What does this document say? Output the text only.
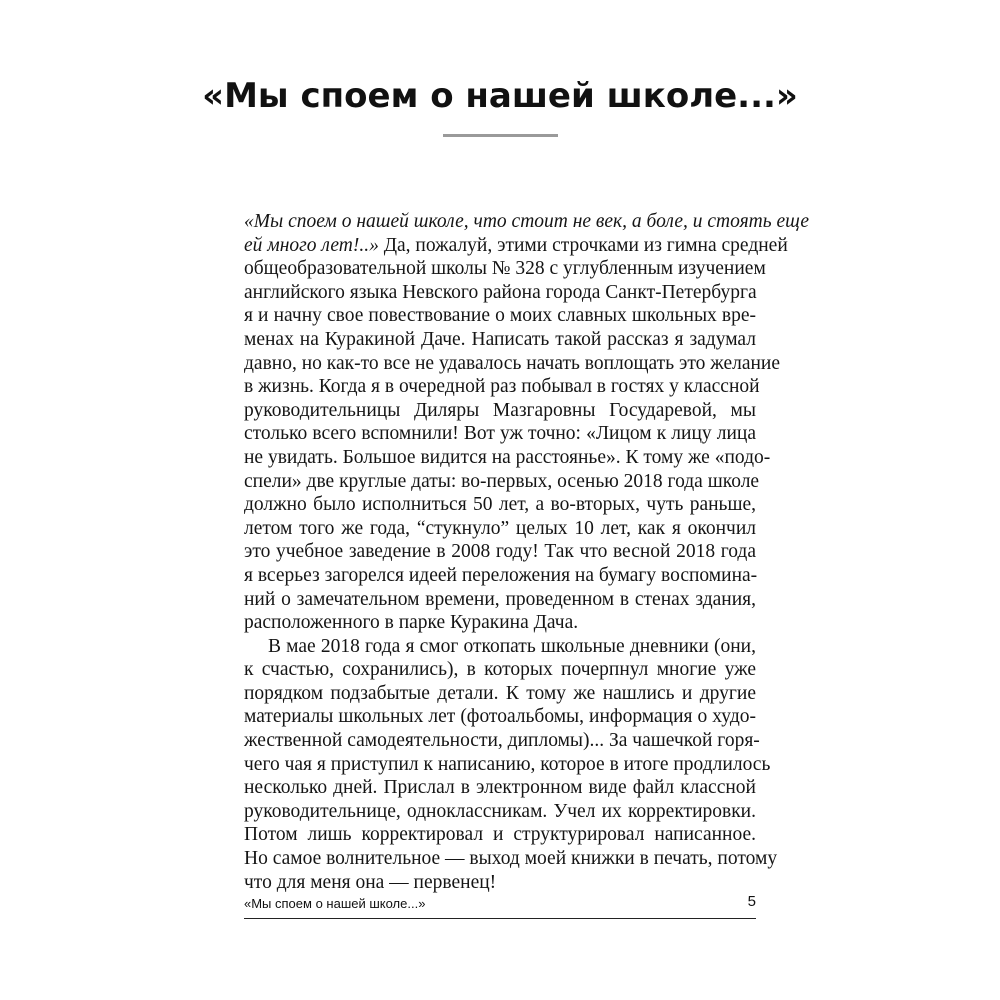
«Мы споем о нашей школе...»
«Мы споем о нашей школе, что стоит не век, а боле, и стоять еще
ей много лет!..» Да, пожалуй, этими строчками из гимна средней
общеобразовательной школы № 328 с углубленным изучением
английского языка Невского района города Санкт-Петербурга
я и начну свое повествование о моих славных школьных вре-
менах на Куракиной Даче. Написать такой рассказ я задумал
давно, но как-то все не удавалось начать воплощать это желание
в жизнь. Когда я в очередной раз побывал в гостях у классной
руководительницы Диляры Мазгаровны Государевой, мы
столько всего вспомнили! Вот уж точно: «Лицом к лицу лица
не увидать. Большое видится на расстоянье». К тому же «подо-
спели» две круглые даты: во-первых, осенью 2018 года школе
должно было исполниться 50 лет, а во-вторых, чуть раньше,
летом того же года, “стукнуло” целых 10 лет, как я окончил
это учебное заведение в 2008 году! Так что весной 2018 года
я всерьез загорелся идеей переложения на бумагу воспомина-
ний о замечательном времени, проведенном в стенах здания,
расположенного в парке Куракина Дача.
В мае 2018 года я смог откопать школьные дневники (они,
к счастью, сохранились), в которых почерпнул многие уже
порядком подзабытые детали. К тому же нашлись и другие
материалы школьных лет (фотоальбомы, информация о худо-
жественной самодеятельности, дипломы)... За чашечкой горя-
чего чая я приступил к написанию, которое в итоге продлилось
несколько дней. Прислал в электронном виде файл классной
руководительнице, одноклассникам. Учел их корректировки.
Потом лишь корректировал и структурировал написанное.
Но самое волнительное — выход моей книжки в печать, потому
что для меня она — первенец!
«Мы споем о нашей школе...»	5
